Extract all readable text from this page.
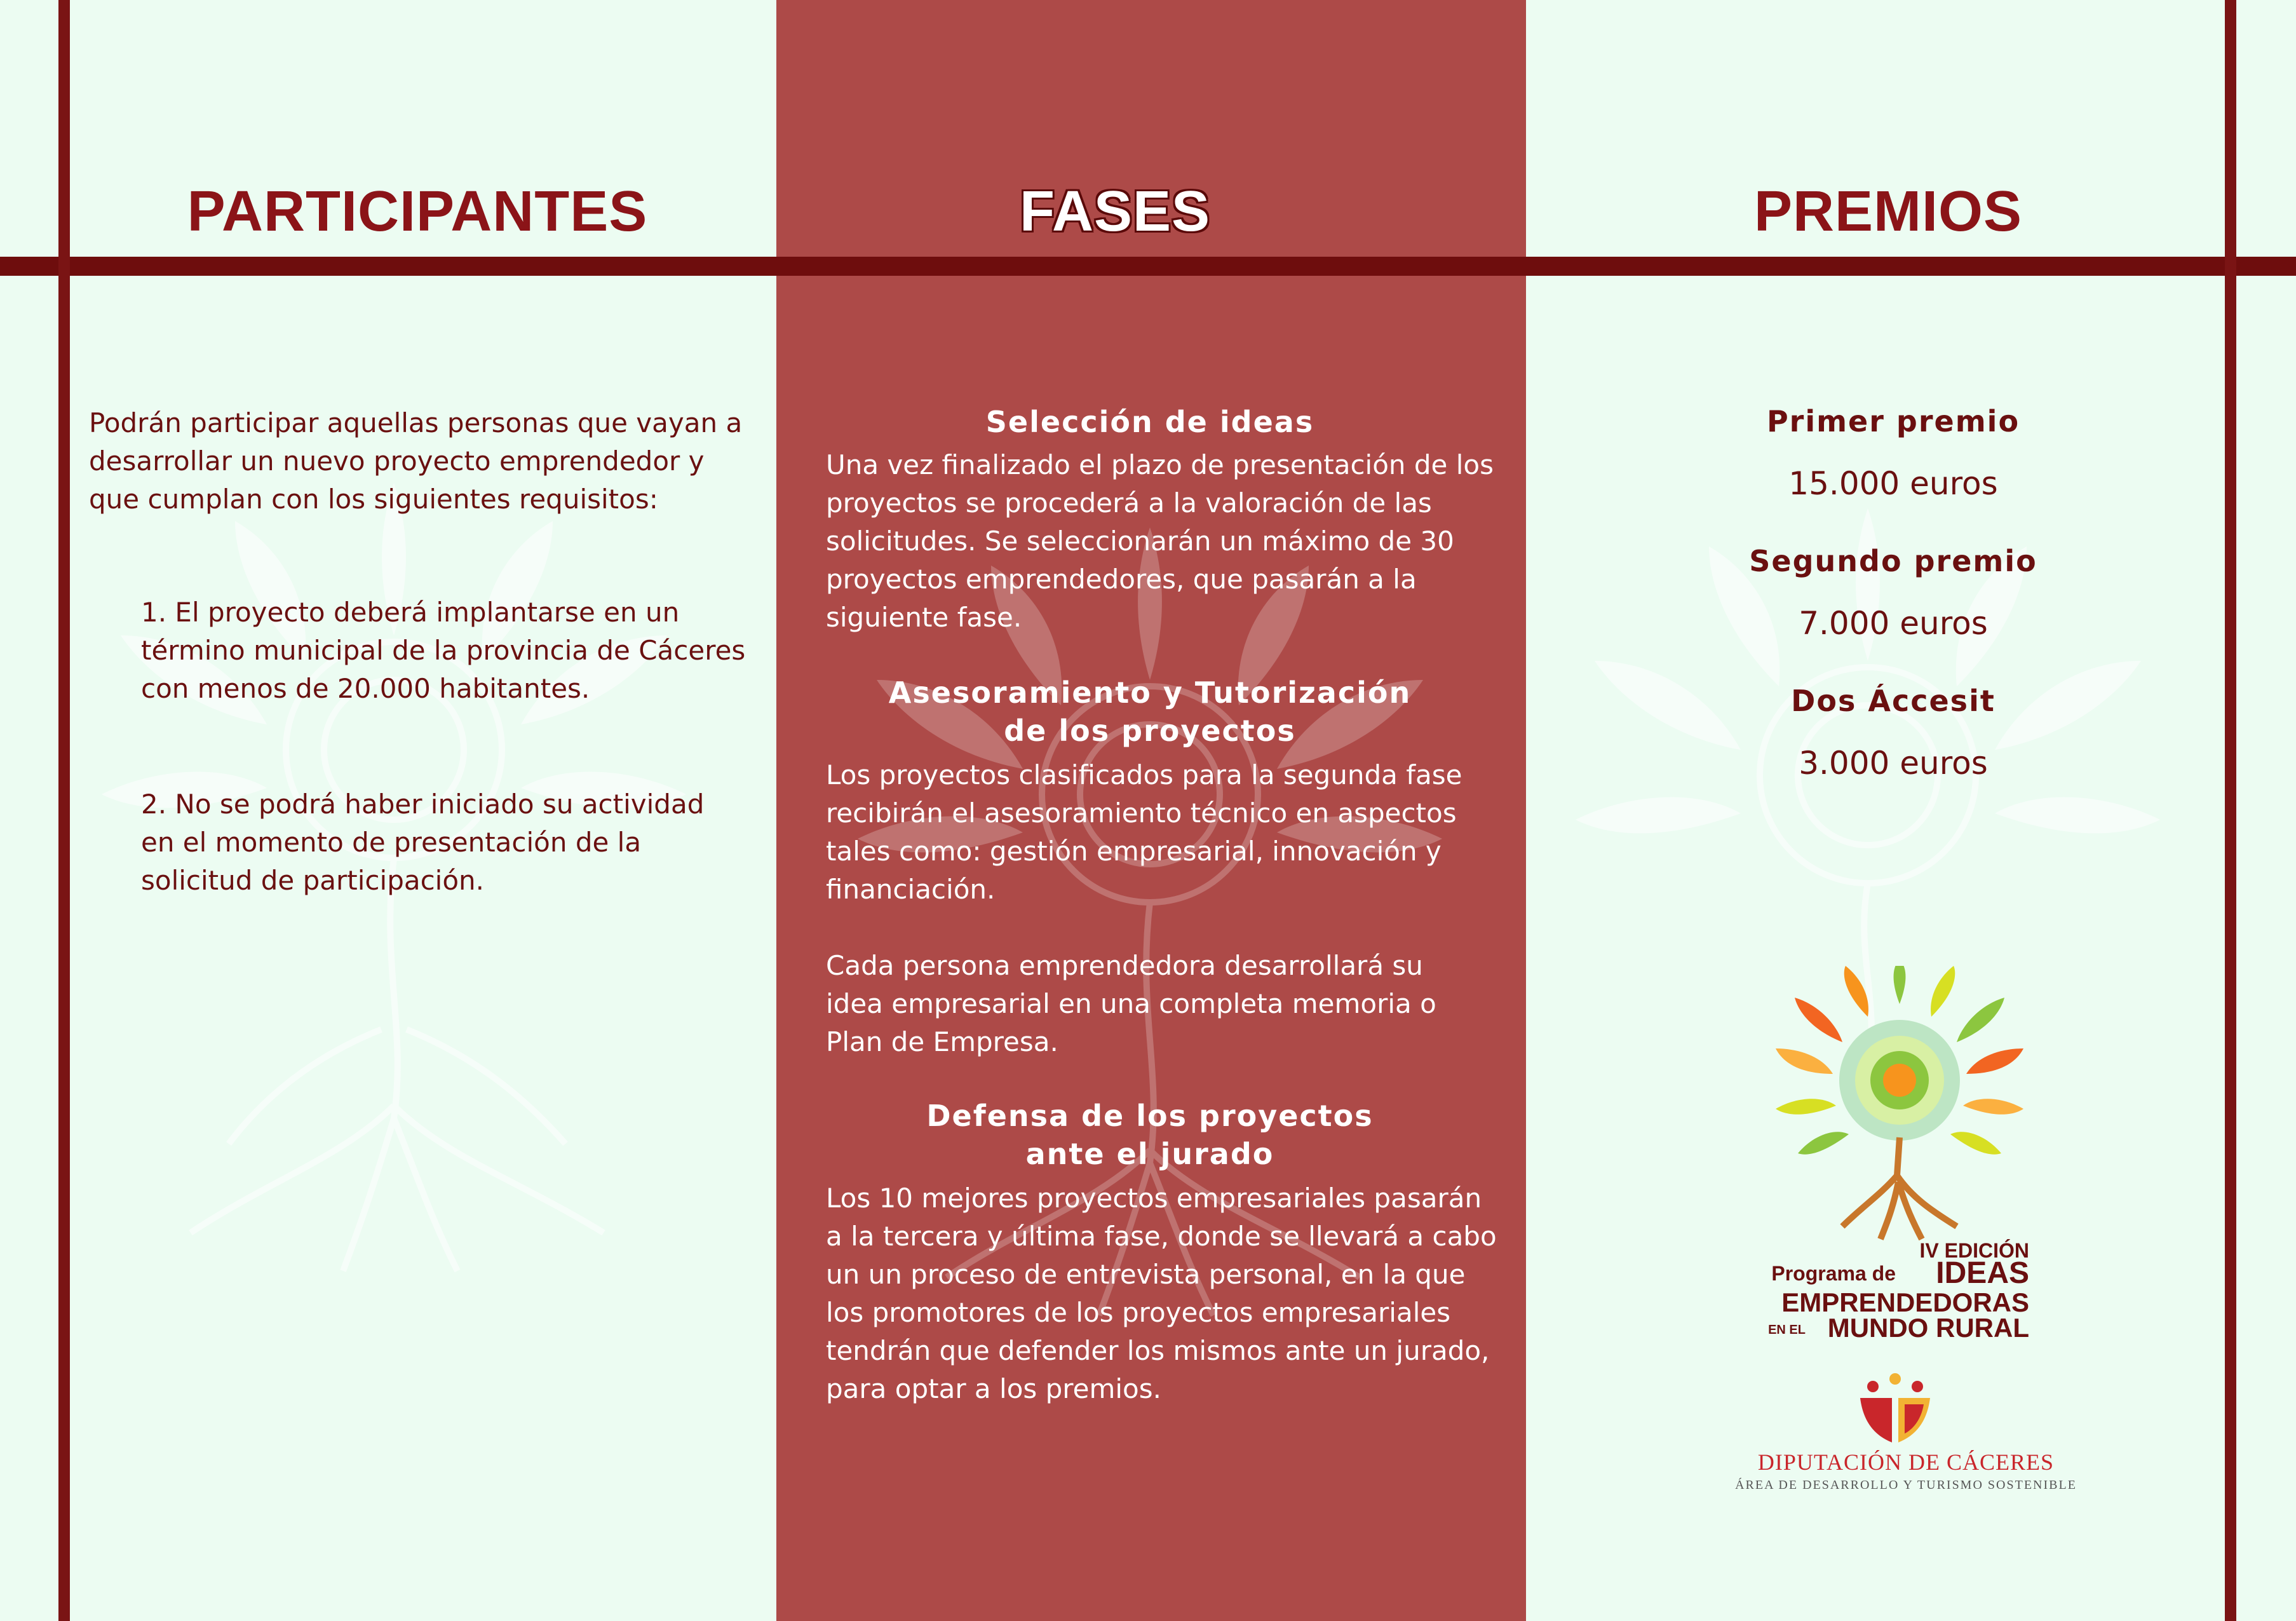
PARTICIPANTES	FASES	PREMIOS

Podrán participar aquellas personas que vayan a desarrollar un nuevo proyecto emprendedor y que cumplan con los siguientes requisitos:

1. El proyecto deberá implantarse en un término municipal de la provincia de Cáceres con menos de 20.000 habitantes.

2. No se podrá haber iniciado su actividad en el momento de presentación de la solicitud de participación.

Selección de ideas

Una vez finalizado el plazo de presentación de los proyectos se procederá a la valoración de las solicitudes. Se seleccionarán un máximo de 30 proyectos emprendedores, que pasarán a la siguiente fase.

Asesoramiento y Tutorización

de los proyectos

Los proyectos clasificados para la segunda fase recibirán el asesoramiento técnico en aspectos tales como: gestión empresarial, innovación y financiación.

Cada persona emprendedora desarrollará su idea empresarial en una completa memoria o Plan de Empresa.

Defensa de los proyectos

ante el jurado

Los 10 mejores proyectos empresariales pasarán a la tercera y última fase, donde se llevará a cabo un un proceso de entrevista personal, en la que los promotores de los proyectos empresariales tendrán que defender los mismos ante un jurado, para optar a los premios.

Primer premio

15.000 euros

Segundo premio

7.000 euros

Dos Áccesit

3.000 euros

IV EDICIÓN

Programa de IDEAS

EMPRENDEDORAS

EN EL MUNDO RURAL

DIPUTACIÓN DE CÁCERES

ÁREA DE DESARROLLO Y TURISMO SOSTENIBLE
